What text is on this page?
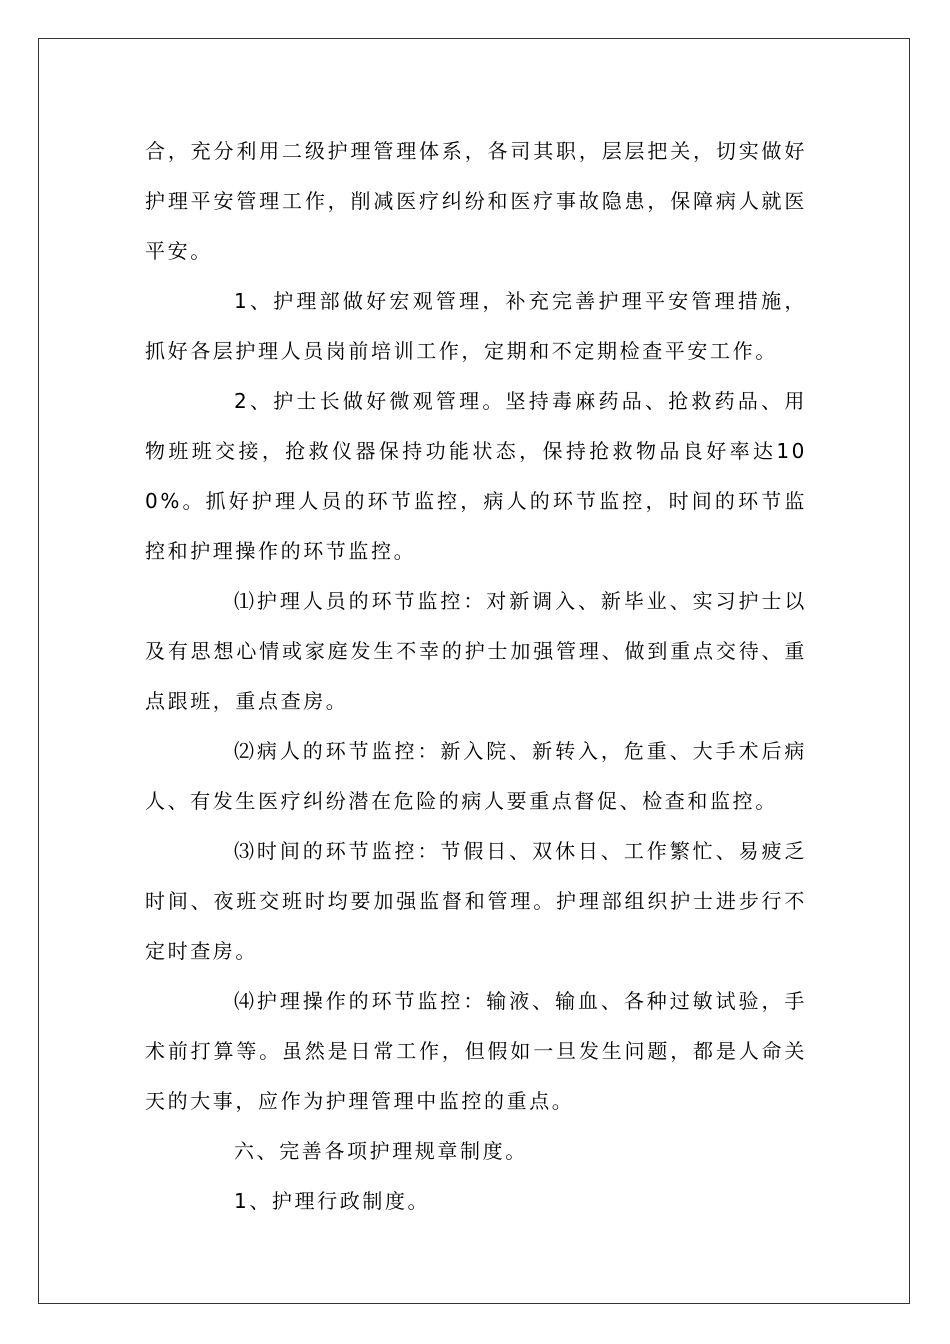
合，充分利用二级护理管理体系，各司其职，层层把关，切实做好护理平安管理工作，削减医疗纠纷和医疗事故隐患，保障病人就医平安。

1、护理部做好宏观管理，补充完善护理平安管理措施，抓好各层护理人员岗前培训工作，定期和不定期检查平安工作。

2、护士长做好微观管理。坚持毒麻药品、抢救药品、用物班班交接，抢救仪器保持功能状态，保持抢救物品良好率达100%。抓好护理人员的环节监控，病人的环节监控，时间的环节监控和护理操作的环节监控。

⑴护理人员的环节监控：对新调入、新毕业、实习护士以及有思想心情或家庭发生不幸的护士加强管理、做到重点交待、重点跟班，重点查房。

⑵病人的环节监控：新入院、新转入，危重、大手术后病人、有发生医疗纠纷潜在危险的病人要重点督促、检查和监控。

⑶时间的环节监控：节假日、双休日、工作繁忙、易疲乏时间、夜班交班时均要加强监督和管理。护理部组织护士进步行不定时查房。

⑷护理操作的环节监控：输液、输血、各种过敏试验，手术前打算等。虽然是日常工作，但假如一旦发生问题，都是人命关天的大事，应作为护理管理中监控的重点。

六、完善各项护理规章制度。

1、护理行政制度。
